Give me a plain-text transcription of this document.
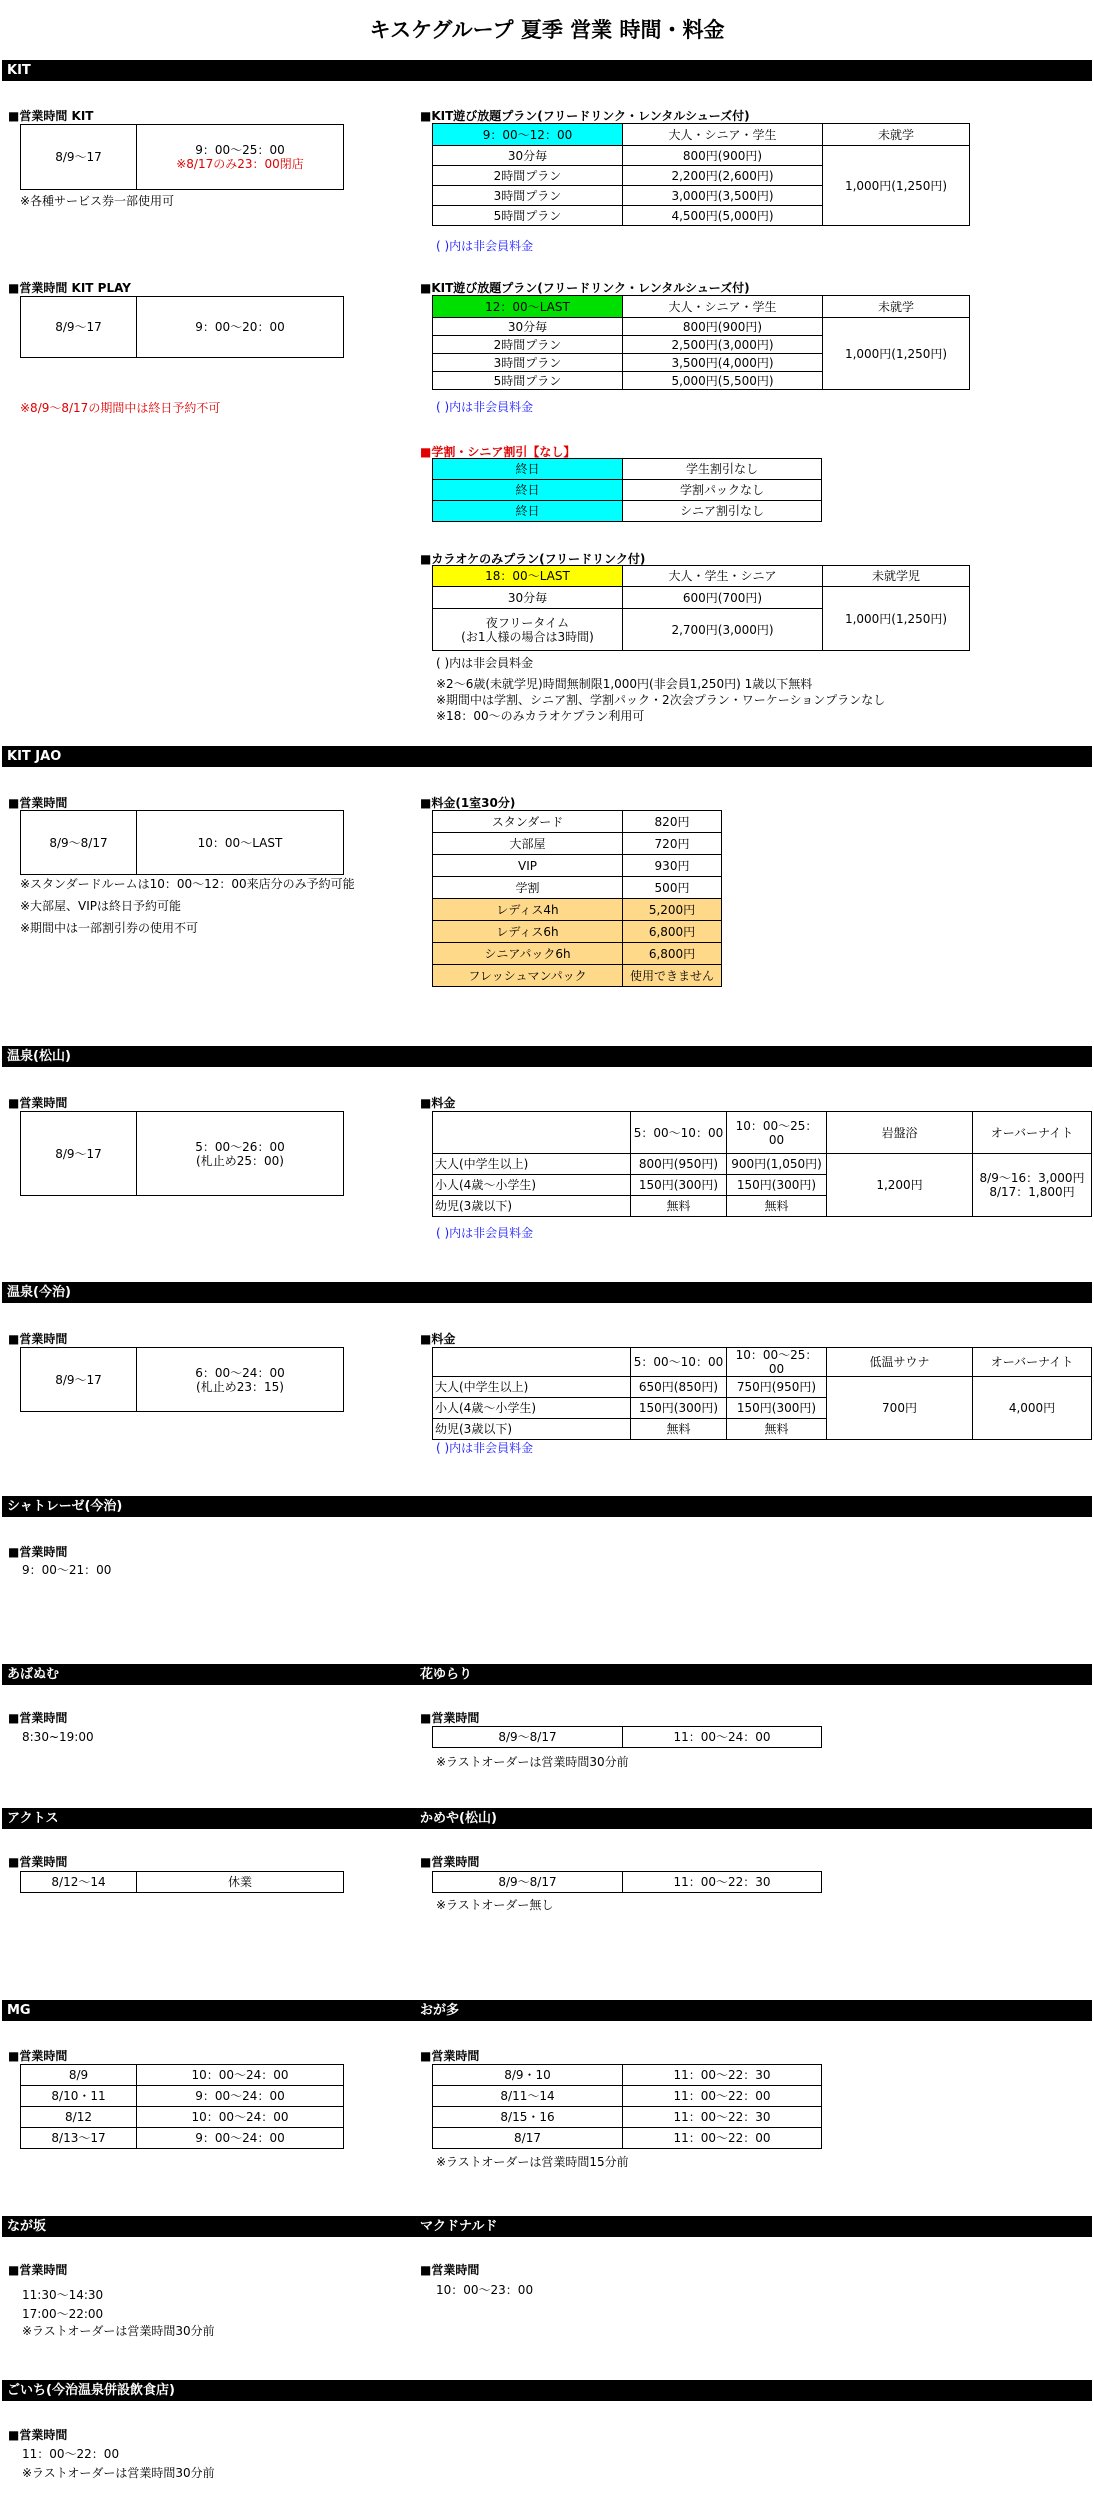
キスケグループ 夏季 営業 時間・料金
KIT
■営業時間 KIT
8/9～17	9：00～25：00
※8/17のみ23：00閉店
※各種サービス券一部使用可
■営業時間 KIT PLAY
8/9～17	9：00～20：00
※8/9～8/17の期間中は終日予約不可
■KIT遊び放題プラン(フリードリンク・レンタルシューズ付)
9：00～12：00	大人・シニア・学生	未就学
30分毎	800円(900円)	1,000円(1,250円)
2時間プラン	2,200円(2,600円)	
3時間プラン	3,000円(3,500円)	
5時間プラン	4,500円(5,000円)	
( )内は非会員料金
■KIT遊び放題プラン(フリードリンク・レンタルシューズ付)
12：00～LAST	大人・シニア・学生	未就学
30分毎	800円(900円)	1,000円(1,250円)
2時間プラン	2,500円(3,000円)	
3時間プラン	3,500円(4,000円)	
5時間プラン	5,000円(5,500円)	
( )内は非会員料金
■学割・シニア割引【なし】
終日	学生割引なし
終日	学割パックなし
終日	シニア割引なし
■カラオケのみプラン(フリードリンク付)
18：00～LAST	大人・学生・シニア	未就学児
30分毎	600円(700円)	1,000円(1,250円)

夜フリータイム
(お1人様の場合は3時間)	2,700円(3,000円)	
( )内は非会員料金
※2～6歳(未就学児)時間無制限1,000円(非会員1,250円) 1歳以下無料
※期間中は学割、シニア割、学割パック・2次会プラン・ワーケーションプランなし
※18：00～のみカラオケプラン利用可
KIT JAO
■営業時間
8/9～8/17	10：00～LAST
※スタンダードルームは10：00～12：00来店分のみ予約可能
※大部屋、VIPは終日予約可能
※期間中は一部割引券の使用不可
■料金(1室30分)
スタンダード	820円
大部屋	720円
VIP	930円
学割	500円
レディス4h	5,200円
レディス6h	6,800円
シニアパック6h	6,800円
フレッシュマンパック	使用できません
温泉(松山)
■営業時間
8/9～17	5：00～26：00
(札止め25：00)
■料金
	5：00～10：00	10：00～25：00	岩盤浴	オーバーナイト
大人(中学生以上)	800円(950円)	900円(1,050円)	1,200円	8/9～16：3,000円
8/17：1,800円

小人(4歳～小学生)	150円(300円)	150円(300円)		
幼児(3歳以下)	無料	無料		
( )内は非会員料金
温泉(今治)
■営業時間
8/9～17	6：00～24：00
(札止め23：15)
■料金
	5：00～10：00	10：00～25：00	低温サウナ	オーバーナイト
大人(中学生以上)	650円(850円)	750円(950円)	700円	4,000円
小人(4歳～小学生)	150円(300円)	150円(300円)		
幼児(3歳以下)	無料	無料		
( )内は非会員料金
シャトレーゼ(今治)
■営業時間
9：00～21：00
あばぬむ	花ゆらり
■営業時間
8:30~19:00
■営業時間
8/9～8/17	11：00～24：00
※ラストオーダーは営業時間30分前
アクトス	かめや(松山)
■営業時間
8/12～14	休業
■営業時間
8/9～8/17	11：00～22：30
※ラストオーダー無し
MG	おが多
■営業時間
8/9	10：00～24：00
8/10・11	9：00～24：00
8/12	10：00～24：00
8/13～17	9：00～24：00
■営業時間
8/9・10	11：00～22：30
8/11～14	11：00～22：00
8/15・16	11：00～22：30
8/17	11：00～22：00
※ラストオーダーは営業時間15分前
なが坂	マクドナルド
■営業時間
11:30～14:30
17:00～22:00
※ラストオーダーは営業時間30分前
■営業時間
10：00～23：00
ごいち(今治温泉併設飲食店)
■営業時間
11：00～22：00
※ラストオーダーは営業時間30分前
